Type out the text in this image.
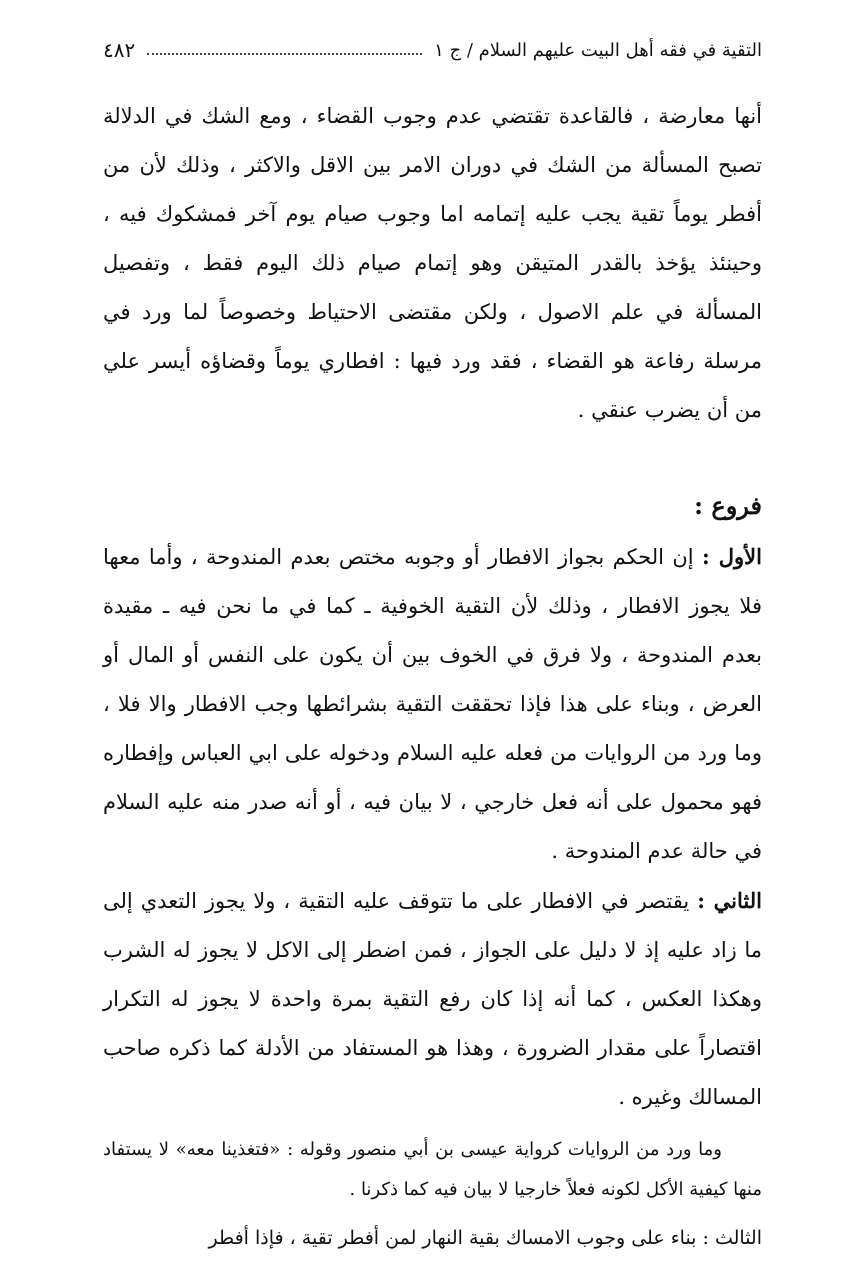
التقية في فقه أهل البيت عليهم السلام / ج ١
٤٨٢

أنها معارضة ، فالقاعدة تقتضي عدم وجوب القضاء ، ومع الشك في الدلالة تصبح المسألة من الشك في دوران الامر بين الاقل والاكثر ، وذلك لأن من أفطر يوماً تقية يجب عليه إتمامه اما وجوب صيام يوم آخر فمشكوك فيه ، وحينئذ يؤخذ بالقدر المتيقن وهو إتمام صيام ذلك اليوم فقط ، وتفصيل المسألة في علم الاصول ، ولكن مقتضى الاحتياط وخصوصاً لما ورد في مرسلة رفاعة هو القضاء ، فقد ورد فيها : افطاري يوماً وقضاؤه أيسر علي من أن يضرب عنقي .

فروع :

الأول : إن الحكم بجواز الافطار أو وجوبه مختص بعدم المندوحة ، وأما معها فلا يجوز الافطار ، وذلك لأن التقية الخوفية ـ كما في ما نحن فيه ـ مقيدة بعدم المندوحة ، ولا فرق في الخوف بين أن يكون على النفس أو المال أو العرض ، وبناء على هذا فإذا تحققت التقية بشرائطها وجب الافطار والا فلا ، وما ورد من الروايات من فعله عليه السلام ودخوله على ابي العباس وإفطاره فهو محمول على أنه فعل خارجي ، لا بيان فيه ، أو أنه صدر منه عليه السلام في حالة عدم المندوحة .

الثاني : يقتصر في الافطار على ما تتوقف عليه التقية ، ولا يجوز التعدي إلى ما زاد عليه إذ لا دليل على الجواز ، فمن اضطر إلى الاكل لا يجوز له الشرب وهكذا العكس ، كما أنه إذا كان رفع التقية بمرة واحدة لا يجوز له التكرار اقتصاراً على مقدار الضرورة ، وهذا هو المستفاد من الأدلة كما ذكره صاحب المسالك وغيره .

وما ورد من الروايات كرواية عيسى بن أبي منصور وقوله : «فتغذينا معه» لا يستفاد منها كيفية الأكل لكونه فعلاً خارجيا لا بيان فيه كما ذكرنا .

الثالث : بناء على وجوب الامساك بقية النهار لمن أفطر تقية ، فإذا أفطر
